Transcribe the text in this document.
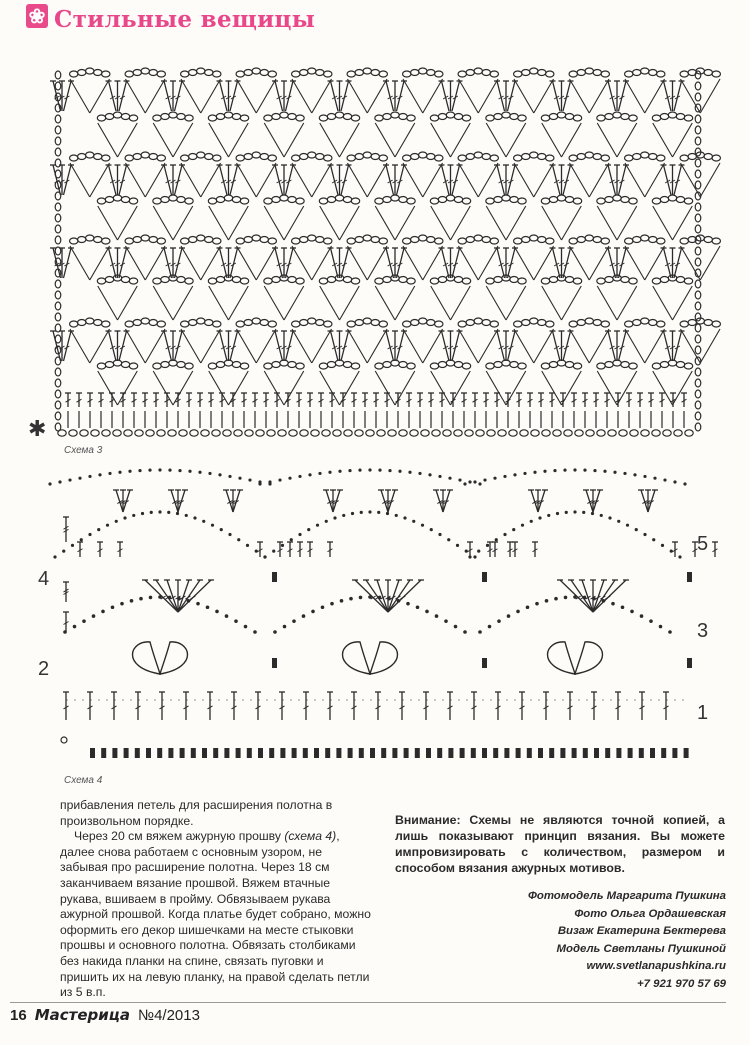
❀ Стильные вещицы
✱
Схема 3
5
4
3
2
1
Схема 4

прибавления петель для расширения полотна в произвольном порядке.

Через 20 см вяжем ажурную прошву (схема 4), далее снова работаем с основным узором, не забывая про расширение полотна. Через 18 см заканчиваем вязание прошвой. Вяжем втачные рукава, вшиваем в пройму. Обвязываем рукава ажурной прошвой. Когда платье будет собрано, можно оформить его декор шишечками на месте стыковки прошвы и основного полотна. Обвязать столбиками без накида планки на спине, связать пуговки и пришить их на левую планку, на правой сделать петли из 5 в.п.

Внимание: Схемы не являются точной копией, а лишь показывают принцип вязания. Вы можете импровизировать с количеством, размером и способом вязания ажурных мотивов.
Фотомодель Маргарита Пушкина
Фото Ольга Ордашевская
Визаж Екатерина Бектерева
Модель Светланы Пушкиной
www.svetlanapushkina.ru
+7 921 970 57 69
16 Мастерица №4/2013
